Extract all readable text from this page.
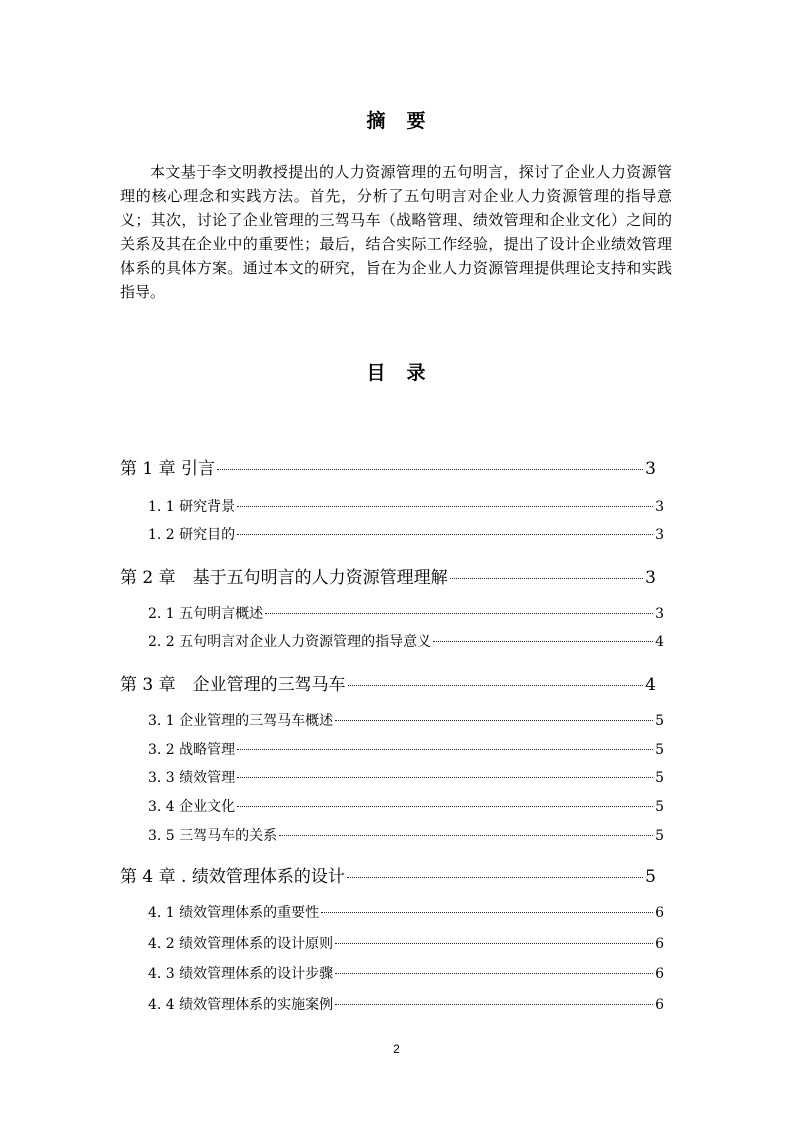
摘　要
本文基于李文明教授提出的人力资源管理的五句明言，探讨了企业人力资源管理的核心理念和实践方法。首先，分析了五句明言对企业人力资源管理的指导意义；其次，讨论了企业管理的三驾马车（战略管理、绩效管理和企业文化）之间的关系及其在企业中的重要性；最后，结合实际工作经验，提出了设计企业绩效管理体系的具体方案。通过本文的研究，旨在为企业人力资源管理提供理论支持和实践指导。
目　录
第 1 章 引言	3
1. 1 研究背景	3
1. 2 研究目的	3
第 2 章　基于五句明言的人力资源管理理解	3
2. 1 五句明言概述	3
2. 2 五句明言对企业人力资源管理的指导意义	4
第 3 章　企业管理的三驾马车	4
3. 1 企业管理的三驾马车概述	5
3. 2 战略管理	5
3. 3 绩效管理	5
3. 4 企业文化	5
3. 5 三驾马车的关系	5
第 4 章 . 绩效管理体系的设计	5
4. 1 绩效管理体系的重要性	6
4. 2 绩效管理体系的设计原则	6
4. 3 绩效管理体系的设计步骤	6
4. 4 绩效管理体系的实施案例	6
2
